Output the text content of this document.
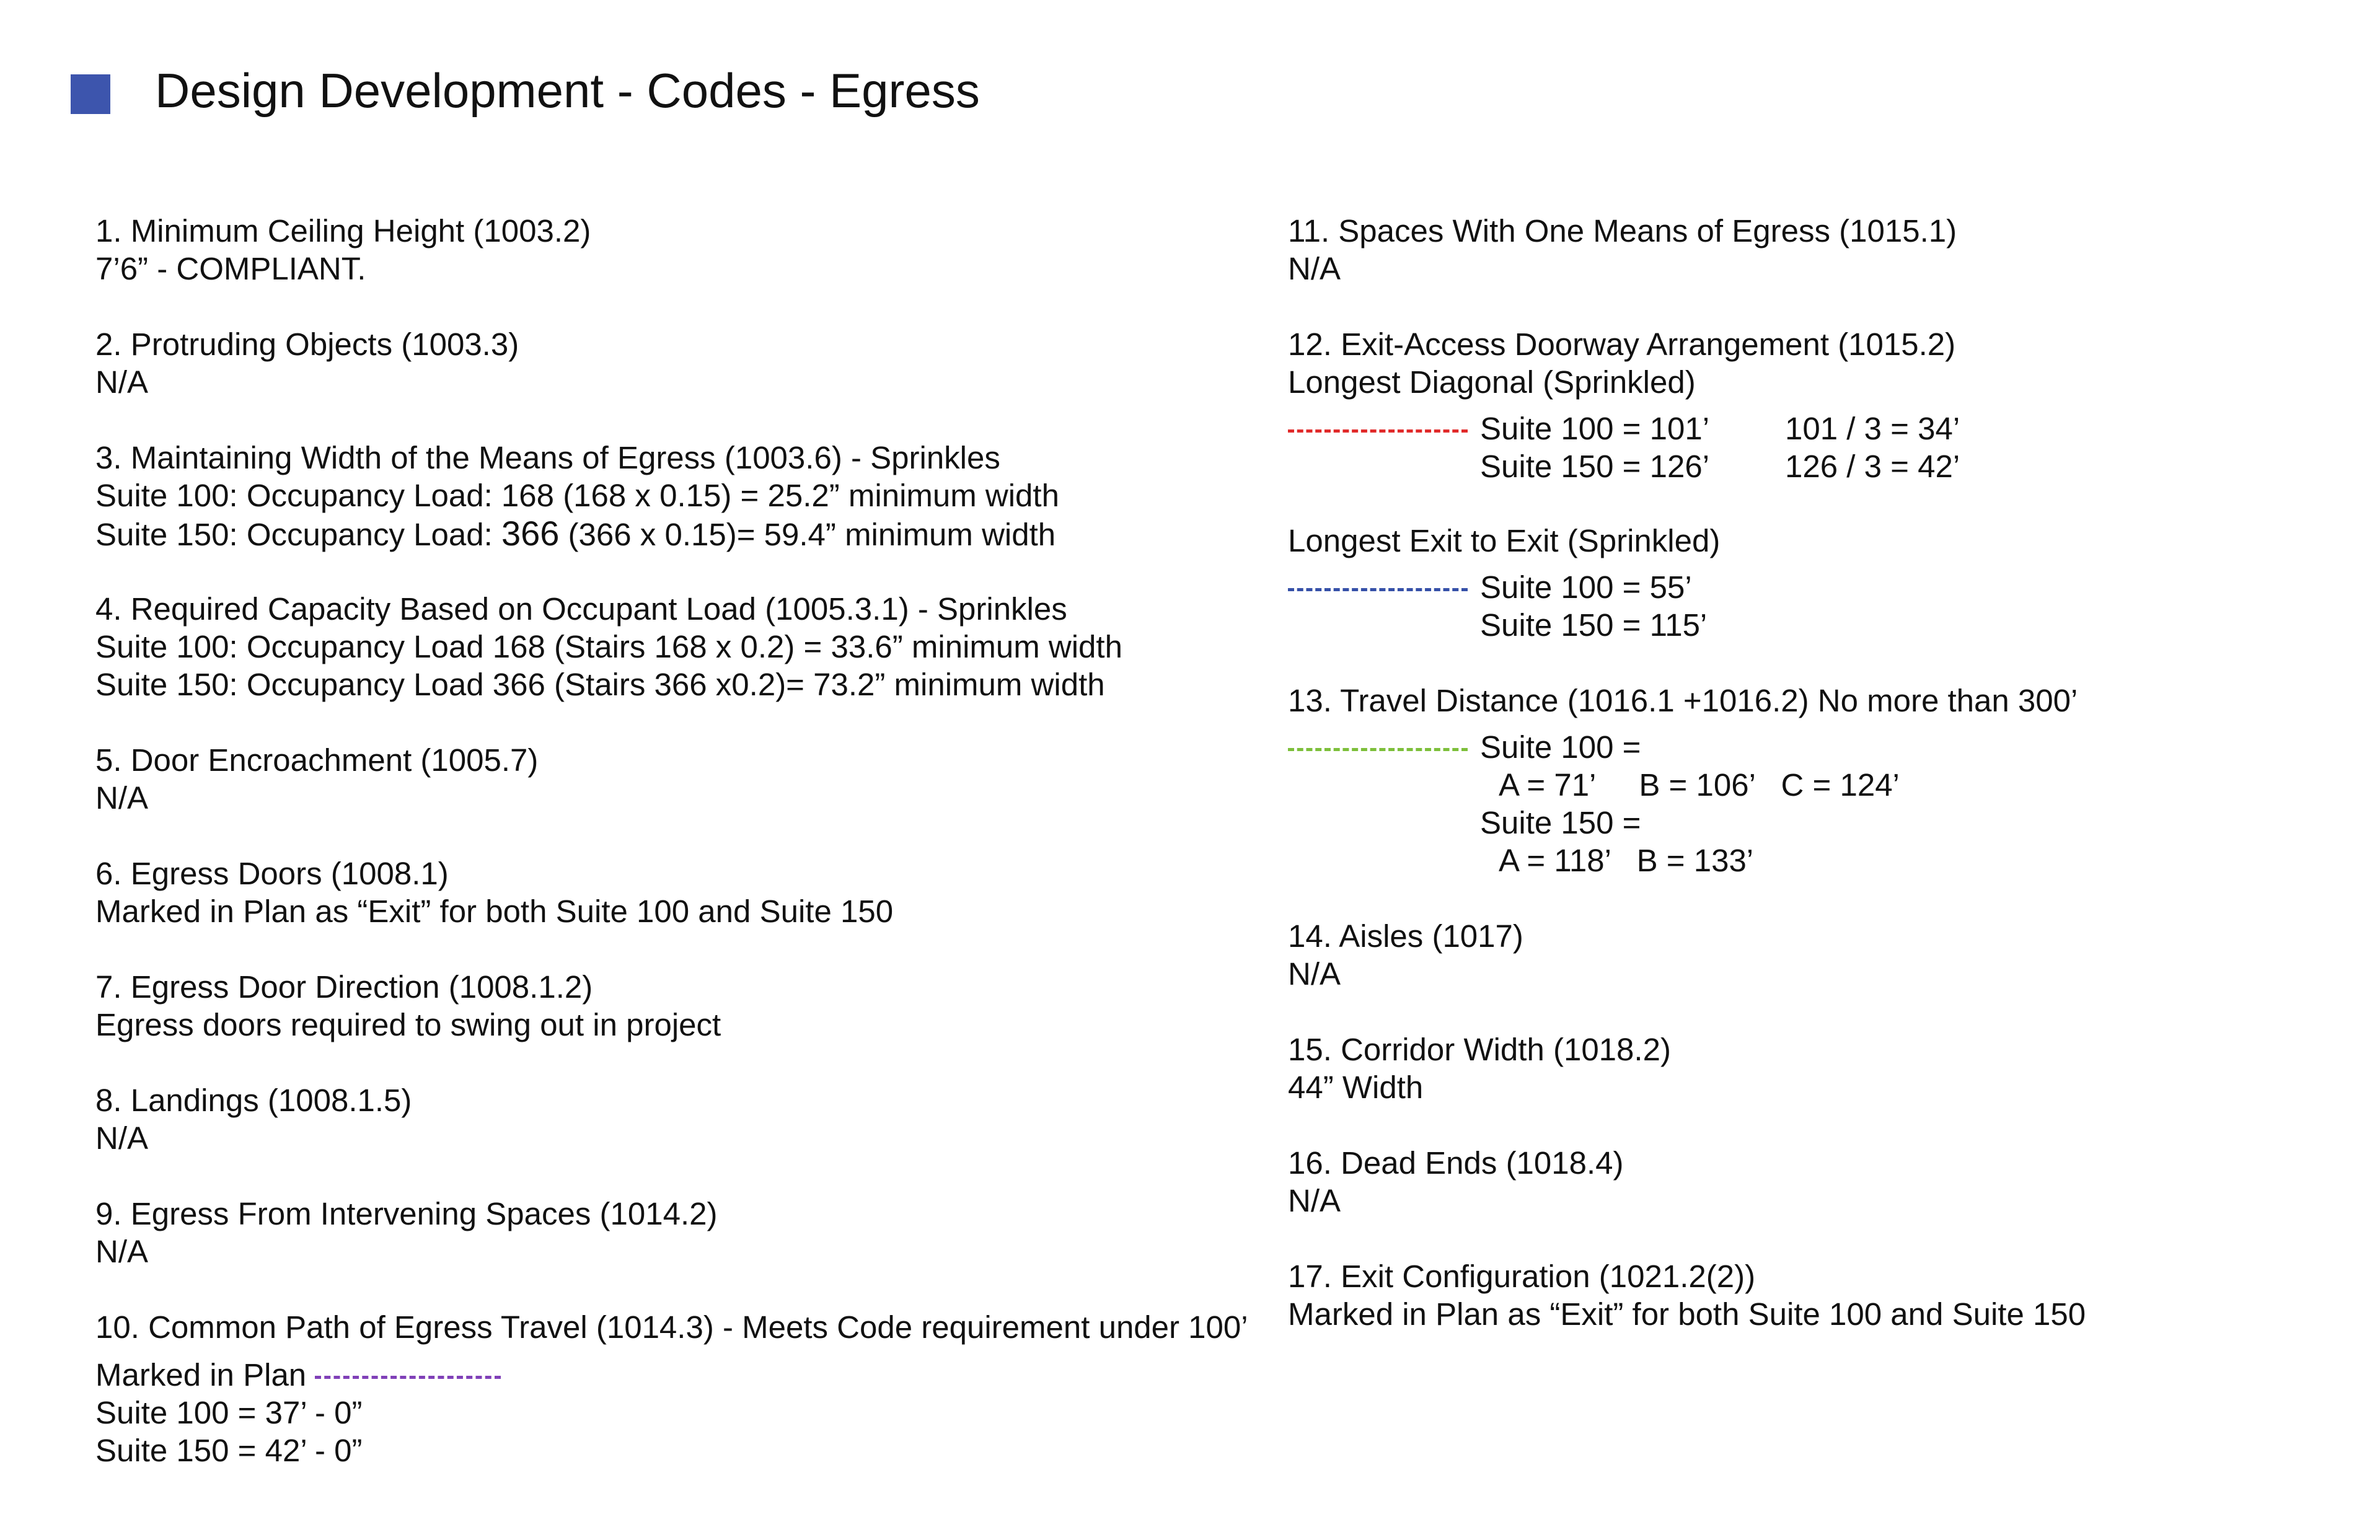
Design Development - Codes - Egress
1. Minimum Ceiling Height (1003.2)
7’6” - COMPLIANT.
2. Protruding Objects (1003.3)
N/A
3. Maintaining Width of the Means of Egress (1003.6) - Sprinkles
Suite 100: Occupancy Load: 168 (168 x 0.15) = 25.2” minimum width
Suite 150: Occupancy Load: 366 (366 x 0.15)= 59.4” minimum width
4. Required Capacity Based on Occupant Load (1005.3.1) - Sprinkles
Suite 100: Occupancy Load 168 (Stairs 168 x 0.2) = 33.6” minimum width
Suite 150: Occupancy Load 366 (Stairs 366 x0.2)= 73.2” minimum width
5. Door Encroachment (1005.7)
N/A
6. Egress Doors (1008.1)
Marked in Plan as “Exit” for both Suite 100 and Suite 150
7. Egress Door Direction (1008.1.2)
Egress doors required to swing out in project
8. Landings (1008.1.5)
N/A
9. Egress From Intervening Spaces (1014.2)
N/A
10. Common Path of Egress Travel (1014.3) - Meets Code requirement under 100’
Marked in Plan
Suite 100 = 37’ - 0”
Suite 150 = 42’ - 0”
11. Spaces With One Means of Egress (1015.1)
N/A
12. Exit-Access Doorway Arrangement (1015.2)
Longest Diagonal (Sprinkled)
Suite 100 = 101’ 101 / 3 = 34’
Suite 150 = 126’ 126 / 3 = 42’
Longest Exit to Exit (Sprinkled)
Suite 100 = 55’
Suite 150 = 115’
13. Travel Distance (1016.1 +1016.2) No more than 300’
Suite 100 =
A = 71’     B = 106’   C = 124’
Suite 150 =
A = 118’   B = 133’
14. Aisles (1017)
N/A
15. Corridor Width (1018.2)
44” Width
16. Dead Ends (1018.4)
N/A
17. Exit Configuration (1021.2(2))
Marked in Plan as “Exit” for both Suite 100 and Suite 150
